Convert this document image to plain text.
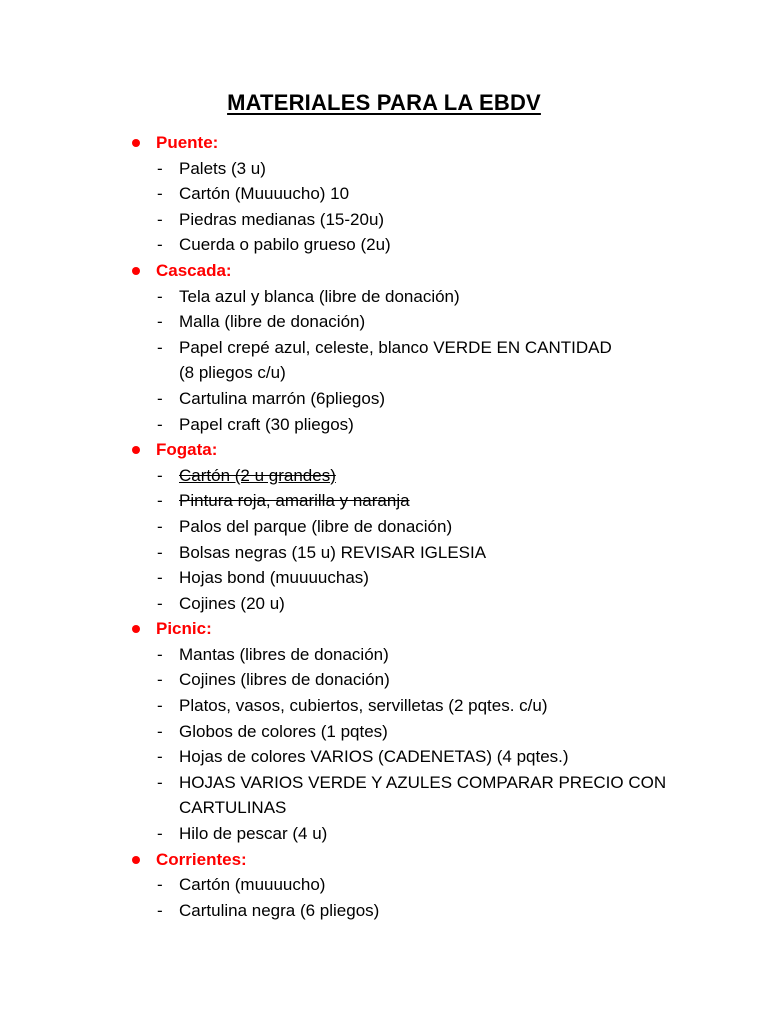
MATERIALES PARA LA EBDV
Puente:
- Palets (3 u)
- Cartón (Muuuucho) 10
- Piedras medianas (15-20u)
- Cuerda o pabilo grueso (2u)
Cascada:
- Tela azul y blanca (libre de donación)
- Malla (libre de donación)
- Papel crepé azul, celeste, blanco VERDE EN CANTIDAD
(8 pliegos c/u)
- Cartulina marrón (6pliegos)
- Papel craft (30 pliegos)
Fogata:
- Cartón (2 u grandes)
- Pintura roja, amarilla y naranja
- Palos del parque (libre de donación)
- Bolsas negras (15 u) REVISAR IGLESIA
- Hojas bond (muuuuchas)
- Cojines (20 u)
Picnic:
- Mantas (libres de donación)
- Cojines (libres de donación)
- Platos, vasos, cubiertos, servilletas (2 pqtes. c/u)
- Globos de colores (1 pqtes)
- Hojas de colores VARIOS (CADENETAS) (4 pqtes.)
- HOJAS VARIOS VERDE Y AZULES COMPARAR PRECIO CON
CARTULINAS
- Hilo de pescar (4 u)
Corrientes:
- Cartón (muuuucho)
- Cartulina negra (6 pliegos)
